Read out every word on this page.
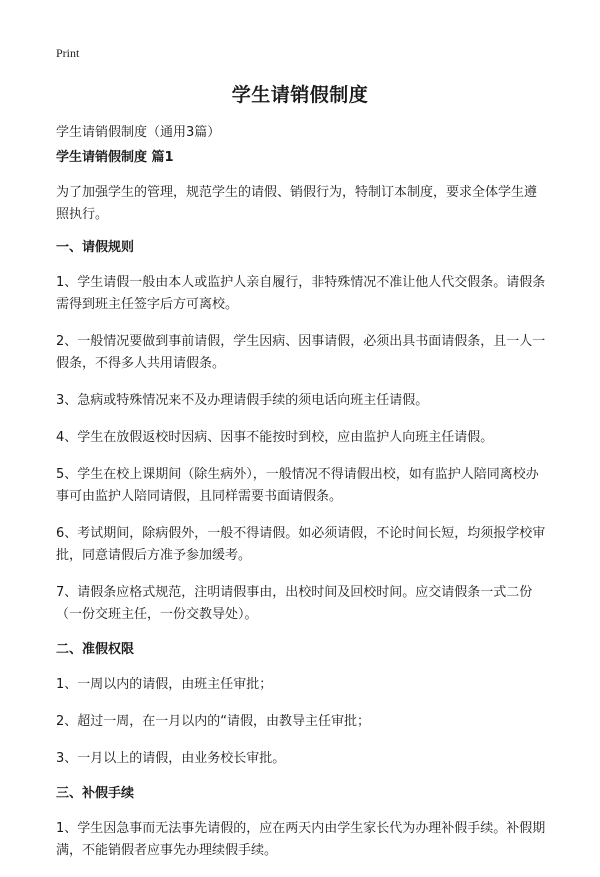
Print
学生请销假制度
学生请销假制度（通用3篇）
学生请销假制度 篇1

为了加强学生的管理，规范学生的请假、销假行为，特制订本制度，要求全体学生遵照执行。

一、请假规则

1、学生请假一般由本人或监护人亲自履行，非特殊情况不准让他人代交假条。请假条需得到班主任签字后方可离校。

2、一般情况要做到事前请假，学生因病、因事请假，必须出具书面请假条，且一人一假条，不得多人共用请假条。

3、急病或特殊情况来不及办理请假手续的须电话向班主任请假。

4、学生在放假返校时因病、因事不能按时到校，应由监护人向班主任请假。

5、学生在校上课期间（除生病外），一般情况不得请假出校，如有监护人陪同离校办事可由监护人陪同请假，且同样需要书面请假条。

6、考试期间，除病假外，一般不得请假。如必须请假，不论时间长短，均须报学校审批，同意请假后方准予参加缓考。

7、请假条应格式规范，注明请假事由，出校时间及回校时间。应交请假条一式二份（一份交班主任，一份交教导处）。

二、准假权限

1、一周以内的请假，由班主任审批；

2、超过一周，在一月以内的“请假，由教导主任审批；

3、一月以上的请假，由业务校长审批。

三、补假手续

1、学生因急事而无法事先请假的，应在两天内由学生家长代为办理补假手续。补假期满，不能销假者应事先办理续假手续。
